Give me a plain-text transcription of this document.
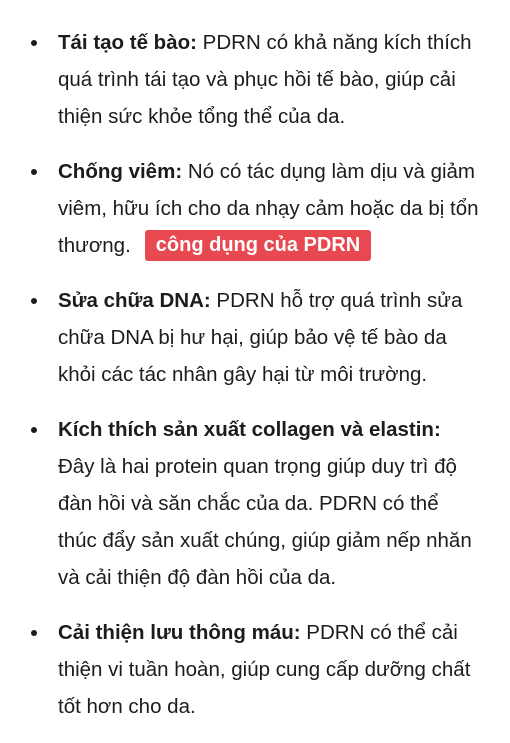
Tái tạo tế bào: PDRN có khả năng kích thích quá trình tái tạo và phục hồi tế bào, giúp cải thiện sức khỏe tổng thể của da.
Chống viêm: Nó có tác dụng làm dịu và giảm viêm, hữu ích cho da nhạy cảm hoặc da bị tổn thương. công dụng của PDRN
Sửa chữa DNA: PDRN hỗ trợ quá trình sửa chữa DNA bị hư hại, giúp bảo vệ tế bào da khỏi các tác nhân gây hại từ môi trường.
Kích thích sản xuất collagen và elastin: Đây là hai protein quan trọng giúp duy trì độ đàn hồi và săn chắc của da. PDRN có thể thúc đẩy sản xuất chúng, giúp giảm nếp nhăn và cải thiện độ đàn hồi của da.
Cải thiện lưu thông máu: PDRN có thể cải thiện vi tuần hoàn, giúp cung cấp dưỡng chất tốt hơn cho da.
